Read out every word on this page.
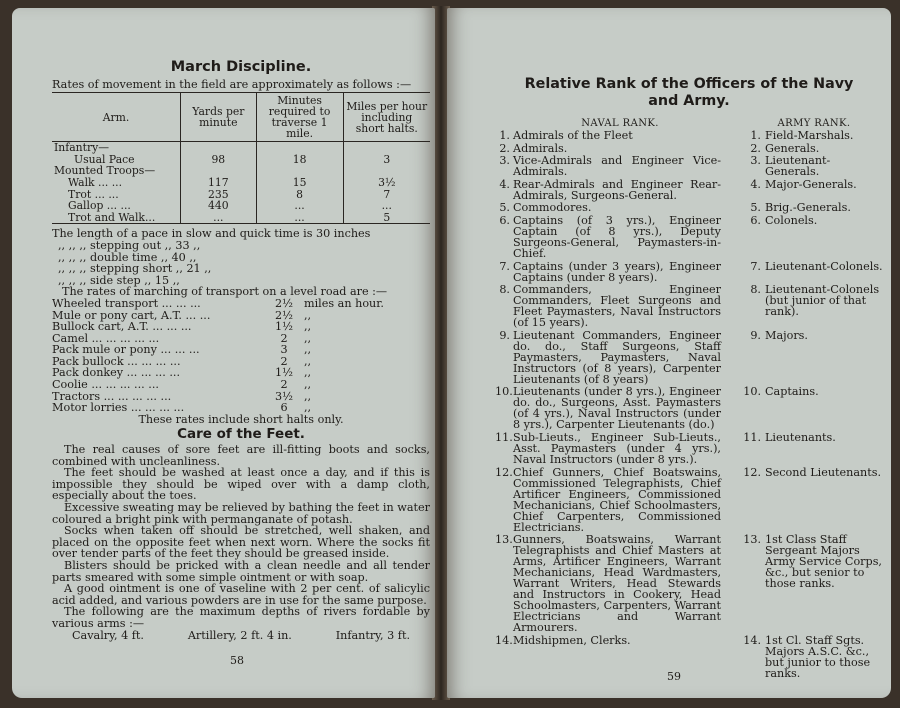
March Discipline.
Rates of movement in the field are approximately as follows :—
Arm.	Yards per minute	Minutes required to traverse 1 mile.	Miles per hour including short halts.
Infantry—			
Usual Pace	98	18	3
Mounted Troops—			
Walk ... ...	117	15	3½
Trot ... ...	235	8	7
Gallop ... ...	440	...	...
Trot and Walk...	...	...	5
The length of a pace in slow and quick time is 30 inches
,, ,, ,, stepping out ,, 33 ,,
,, ,, ,, double time ,, 40 ,,
,, ,, ,, stepping short ,, 21 ,,
,, ,, ,, side step ,, 15 ,,
The rates of marching of transport on a level road are :—
Wheeled transport ... ... ...	2½ miles an hour.
Mule or pony cart, A.T. ... ...	2½ ,,
Bullock cart, A.T. ... ... ...	1½ ,,
Camel ... ... ... ... ...	2	,,
Pack mule or pony ... ... ...	3	,,
Pack bullock ... ... ... ...	2	,,
Pack donkey ... ... ... ...	1½ ,,
Coolie ... ... ... ... ...	2	,,
Tractors ... ... ... ... ...	3½ ,,
Motor lorries ... ... ... ...	6	,,
These rates include short halts only.
Care of the Feet.

The real causes of sore feet are ill-fitting boots and socks, combined with uncleanliness.

The feet should be washed at least once a day, and if this is impossible they should be wiped over with a damp cloth, especially about the toes.

Excessive sweating may be relieved by bathing the feet in water coloured a bright pink with permanganate of potash.

Socks when taken off should be stretched, well shaken, and placed on the opposite feet when next worn. Where the socks fit over tender parts of the feet they should be greased inside.

Blisters should be pricked with a clean needle and all tender parts smeared with some simple ointment or with soap.

A good ointment is one of vaseline with 2 per cent. of salicylic acid added, and various powders are in use for the same purpose.

The following are the maximum depths of rivers fordable by various arms :—

Cavalry, 4 ft.	Artillery, 2 ft. 4 in.	Infantry, 3 ft.
58
Relative Rank of the Officers of the Navy
and Army.
NAVAL RANK.	ARMY RANK.
1. Admirals of the Fleet	1. Field-Marshals.
2. Admirals.	2. Generals.
3. Vice-Admirals and Engineer Vice-Admirals.
3. Lieutenant-Generals.
4. Rear-Admirals and Engineer Rear-Admirals, Surgeons-General.
4. Major-Generals.
5. Commodores.	5. Brig.-Generals.
6. Captains (of 3 yrs.), Engineer Captain (of 8 yrs.), Deputy Surgeons-General, Paymasters-in-Chief.
6. Colonels.
7. Captains (under 3 years), Engineer Captains (under 8 years).
7. Lieutenant-Colonels.
8. Commanders, Engineer Commanders, Fleet Surgeons and Fleet Paymasters, Naval Instructors (of 15 years).
8. Lieutenant-Colonels (but junior of that rank).
9. Lieutenant Commanders, Engineer do. do., Staff Surgeons, Staff Paymasters, Paymasters, Naval Instructors (of 8 years), Carpenter Lieutenants (of 8 years)
9. Majors.
10. Lieutenants (under 8 yrs.), Engineer do. do., Surgeons, Asst. Paymasters (of 4 yrs.), Naval Instructors (under 8 yrs.), Carpenter Lieutenants (do.)
10. Captains.
11. Sub-Lieuts., Engineer Sub-Lieuts., Asst. Paymasters (under 4 yrs.), Naval Instructors (under 8 yrs.).
11. Lieutenants.
12. Chief Gunners, Chief Boatswains, Commissioned Telegraphists, Chief Artificer Engineers, Commissioned Mechanicians, Chief Schoolmasters, Chief Carpenters, Commissioned Electricians.
12. Second Lieutenants.
13. Gunners, Boatswains, Warrant Telegraphists and Chief Masters at Arms, Artificer Engineers, Warrant Mechanicians, Head Wardmasters, Warrant Writers, Head Stewards and Instructors in Cookery, Head Schoolmasters, Carpenters, Warrant Electricians and Warrant Armourers.
13. 1st Class Staff Sergeant Majors Army Service Corps, &c., but senior to those ranks.
14. Midshipmen, Clerks.	14. 1st Cl. Staff Sgts. Majors A.S.C. &c., but junior to those ranks.
59
